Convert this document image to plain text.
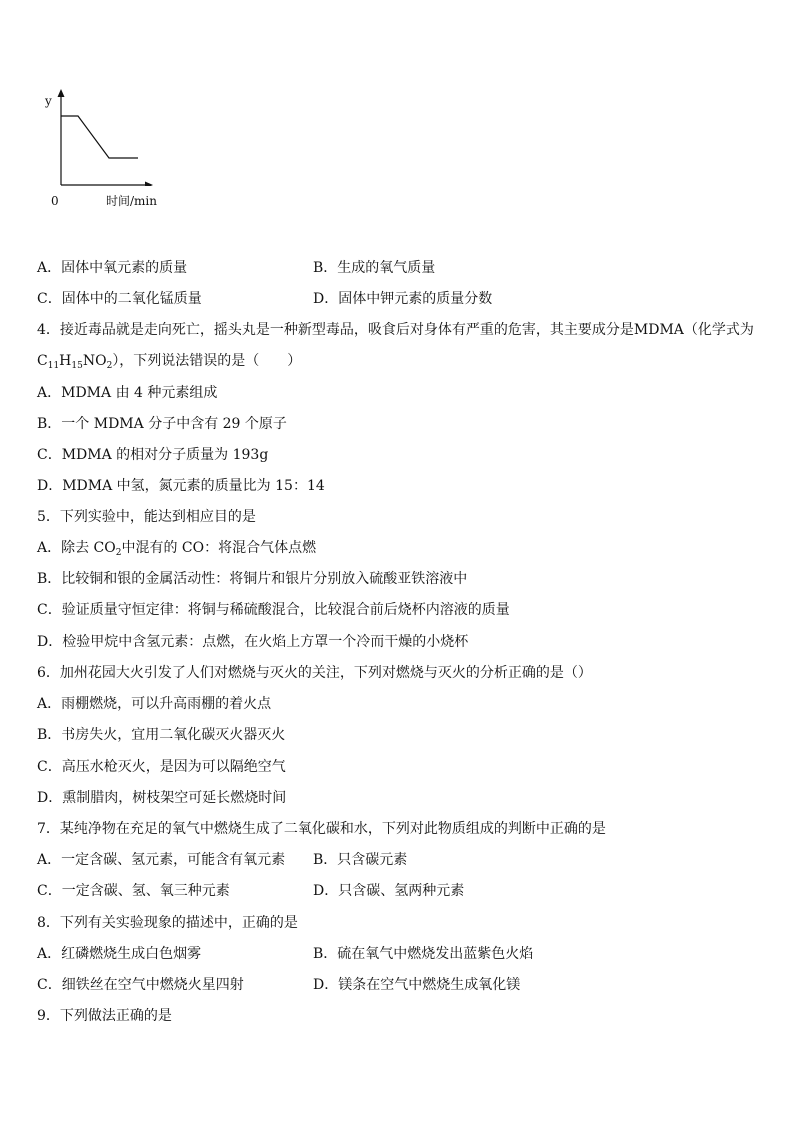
y
0	时间/min
A．固体中氧元素的质量	B．生成的氧气质量
C．固体中的二氧化锰质量	D．固体中钾元素的质量分数
4．接近毒品就是走向死亡，摇头丸是一种新型毒品，吸食后对身体有严重的危害，其主要成分是MDMA（化学式为
$C_{11}H_{15}NO_2$），下列说法错误的是（　　）
A．MDMA 由 4 种元素组成
B．一个 MDMA 分子中含有 29 个原子
C．MDMA 的相对分子质量为 193g
D．MDMA 中氢，氮元素的质量比为 15：14
5．下列实验中，能达到相应目的是
A．除去 $CO_2$中混有的 CO：将混合气体点燃
B．比较铜和银的金属活动性：将铜片和银片分别放入硫酸亚铁溶液中
C．验证质量守恒定律：将铜与稀硫酸混合，比较混合前后烧杯内溶液的质量
D．检验甲烷中含氢元素：点燃，在火焰上方罩一个冷而干燥的小烧杯
6．加州花园大火引发了人们对燃烧与灭火的关注，下列对燃烧与灭火的分析正确的是（）
A．雨棚燃烧，可以升高雨棚的着火点
B．书房失火，宜用二氧化碳灭火器灭火
C．高压水枪灭火，是因为可以隔绝空气
D．熏制腊肉，树枝架空可延长燃烧时间
7．某纯净物在充足的氧气中燃烧生成了二氧化碳和水，下列对此物质组成的判断中正确的是
A．一定含碳、氢元素，可能含有氧元素 B．只含碳元素
C．一定含碳、氢、氧三种元素	D．只含碳、氢两种元素
8．下列有关实验现象的描述中，正确的是
A．红磷燃烧生成白色烟雾	B．硫在氧气中燃烧发出蓝紫色火焰
C．细铁丝在空气中燃烧火星四射	D．镁条在空气中燃烧生成氧化镁
9．下列做法正确的是
